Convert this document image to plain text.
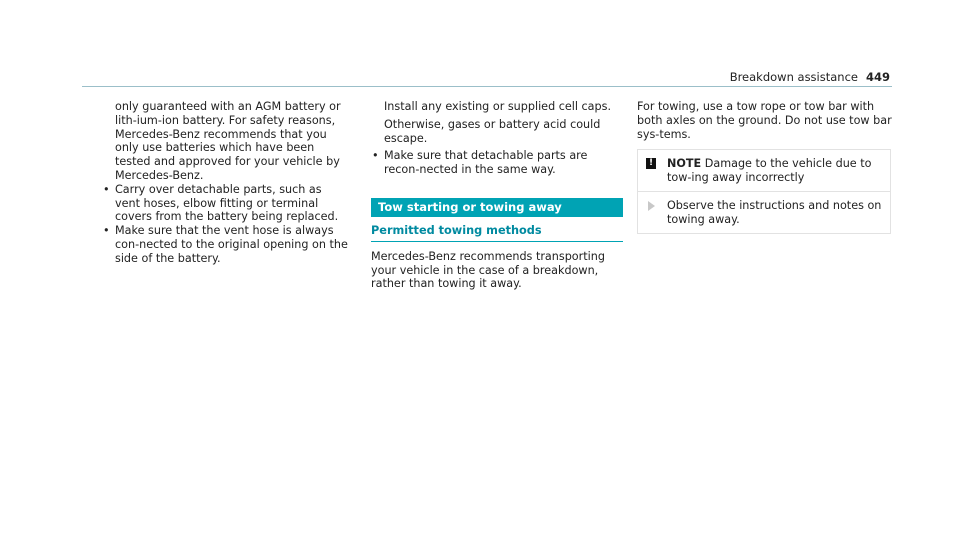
Breakdown assistance 449

only guaranteed with an AGM battery or lith-ium-ion battery. For safety reasons, Mercedes-Benz recommends that you only use batteries which have been tested and approved for your vehicle by Mercedes-Benz.

• Carry over detachable parts, such as vent hoses, elbow fitting or terminal covers from the battery being replaced.
• Make sure that the vent hose is always con-nected to the original opening on the side of the battery.

Install any existing or supplied cell caps.

Otherwise, gases or battery acid could escape.

• Make sure that detachable parts are recon-nected in the same way.
Tow starting or towing away
Permitted towing methods

Mercedes-Benz recommends transporting your vehicle in the case of a breakdown, rather than towing it away.

For towing, use a tow rope or tow bar with both axles on the ground. Do not use tow bar sys-tems.

!	NOTE Damage to the vehicle due to tow-ing away incorrectly
Observe the instructions and notes on towing away.
